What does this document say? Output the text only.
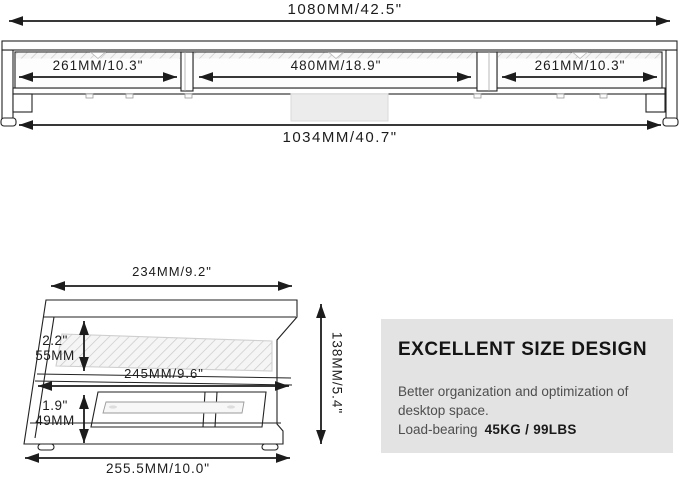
1080MM/42.5"
261MM/10.3"	480MM/18.9"	261MM/10.3"
1034MM/40.7"
234MM/9.2"
2.2"
55MM
245MM/9.6"
1.9"
49MM
255.5MM/10.0"
138MM/5.4"	EXCELLENT SIZE DESIGN

Better organization and optimization of

desktop space.

Load-bearing 45KG / 99LBS
